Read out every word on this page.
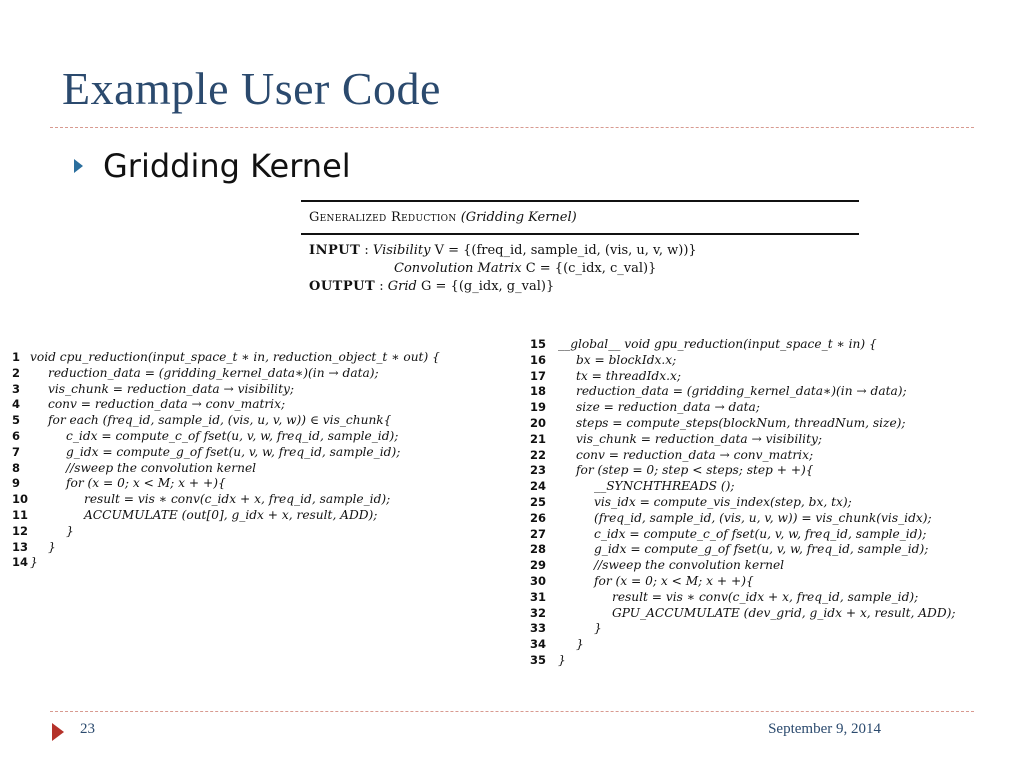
Example User Code
Gridding Kernel
Generalized Reduction (Gridding Kernel)
INPUT : Visibility V = {(freq_id, sample_id, (vis, u, v, w))}
Convolution Matrix C = {(c_idx, c_val)}
OUTPUT : Grid G = {(g_idx, g_val)}
1 void cpu_reduction(input_space_t ∗ in, reduction_object_t ∗ out) {
2	reduction_data = (gridding_kernel_data∗)(in → data);
3	vis_chunk = reduction_data → visibility;
4	conv = reduction_data → conv_matrix;
5	for each (freq_id, sample_id, (vis, u, v, w)) ∈ vis_chunk{
6	c_idx = compute_c_of fset(u, v, w, freq_id, sample_id);
7	g_idx = compute_g_of fset(u, v, w, freq_id, sample_id);
8	//sweep the convolution kernel
9	for (x = 0; x < M; x + +){
10	result = vis ∗ conv(c_idx + x, freq_id, sample_id);
11	ACCUMULATE (out[0], g_idx + x, result, ADD);
12	}
13	}
14 }
15 __global__ void gpu_reduction(input_space_t ∗ in) {
16	bx = blockIdx.x;
17	tx = threadIdx.x;
18	reduction_data = (gridding_kernel_data∗)(in → data);
19	size = reduction_data → data;
20	steps = compute_steps(blockNum, threadNum, size);
21	vis_chunk = reduction_data → visibility;
22	conv = reduction_data → conv_matrix;
23	for (step = 0; step < steps; step + +){
24	__SYNCHTHREADS ();
25	vis_idx = compute_vis_index(step, bx, tx);
26	(freq_id, sample_id, (vis, u, v, w)) = vis_chunk(vis_idx);
27	c_idx = compute_c_of fset(u, v, w, freq_id, sample_id);
28	g_idx = compute_g_of fset(u, v, w, freq_id, sample_id);
29	//sweep the convolution kernel
30	for (x = 0; x < M; x + +){
31	result = vis ∗ conv(c_idx + x, freq_id, sample_id);
32	GPU_ACCUMULATE (dev_grid, g_idx + x, result, ADD);
33	}
34	}
35 }
23	September 9, 2014
